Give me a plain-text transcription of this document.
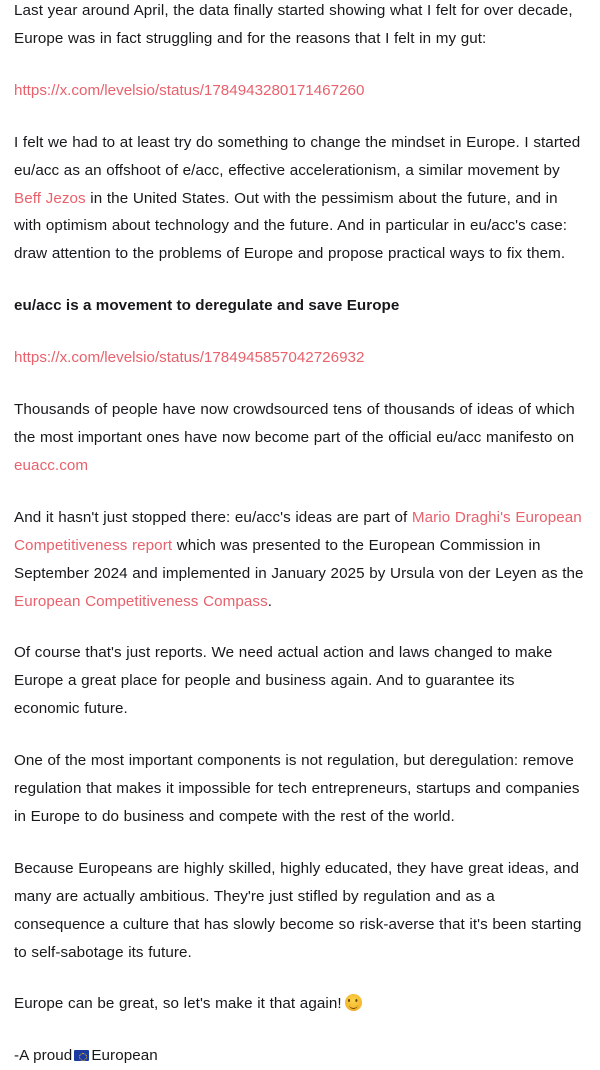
Last year around April, the data finally started showing what I felt for over decade, Europe was in fact struggling and for the reasons that I felt in my gut:

https://x.com/levelsio/status/1784943280171467260

I felt we had to at least try do something to change the mindset in Europe. I started eu/acc as an offshoot of e/acc, effective accelerationism, a similar movement by Beff Jezos in the United States. Out with the pessimism about the future, and in with optimism about technology and the future. And in particular in eu/acc's case: draw attention to the problems of Europe and propose practical ways to fix them.

eu/acc is a movement to deregulate and save Europe

https://x.com/levelsio/status/1784945857042726932

Thousands of people have now crowdsourced tens of thousands of ideas of which the most important ones have now become part of the official eu/acc manifesto on euacc.com

And it hasn't just stopped there: eu/acc's ideas are part of Mario Draghi's European Competitiveness report which was presented to the European Commission in September 2024 and implemented in January 2025 by Ursula von der Leyen as the European Competitiveness Compass.

Of course that's just reports. We need actual action and laws changed to make Europe a great place for people and business again. And to guarantee its economic future.

One of the most important components is not regulation, but deregulation: remove regulation that makes it impossible for tech entrepreneurs, startups and companies in Europe to do business and compete with the rest of the world.

Because Europeans are highly skilled, highly educated, they have great ideas, and many are actually ambitious. They're just stifled by regulation and as a consequence a culture that has slowly become so risk-averse that it's been starting to self-sabotage its future.

Europe can be great, so let's make it that again!

-A proud European
